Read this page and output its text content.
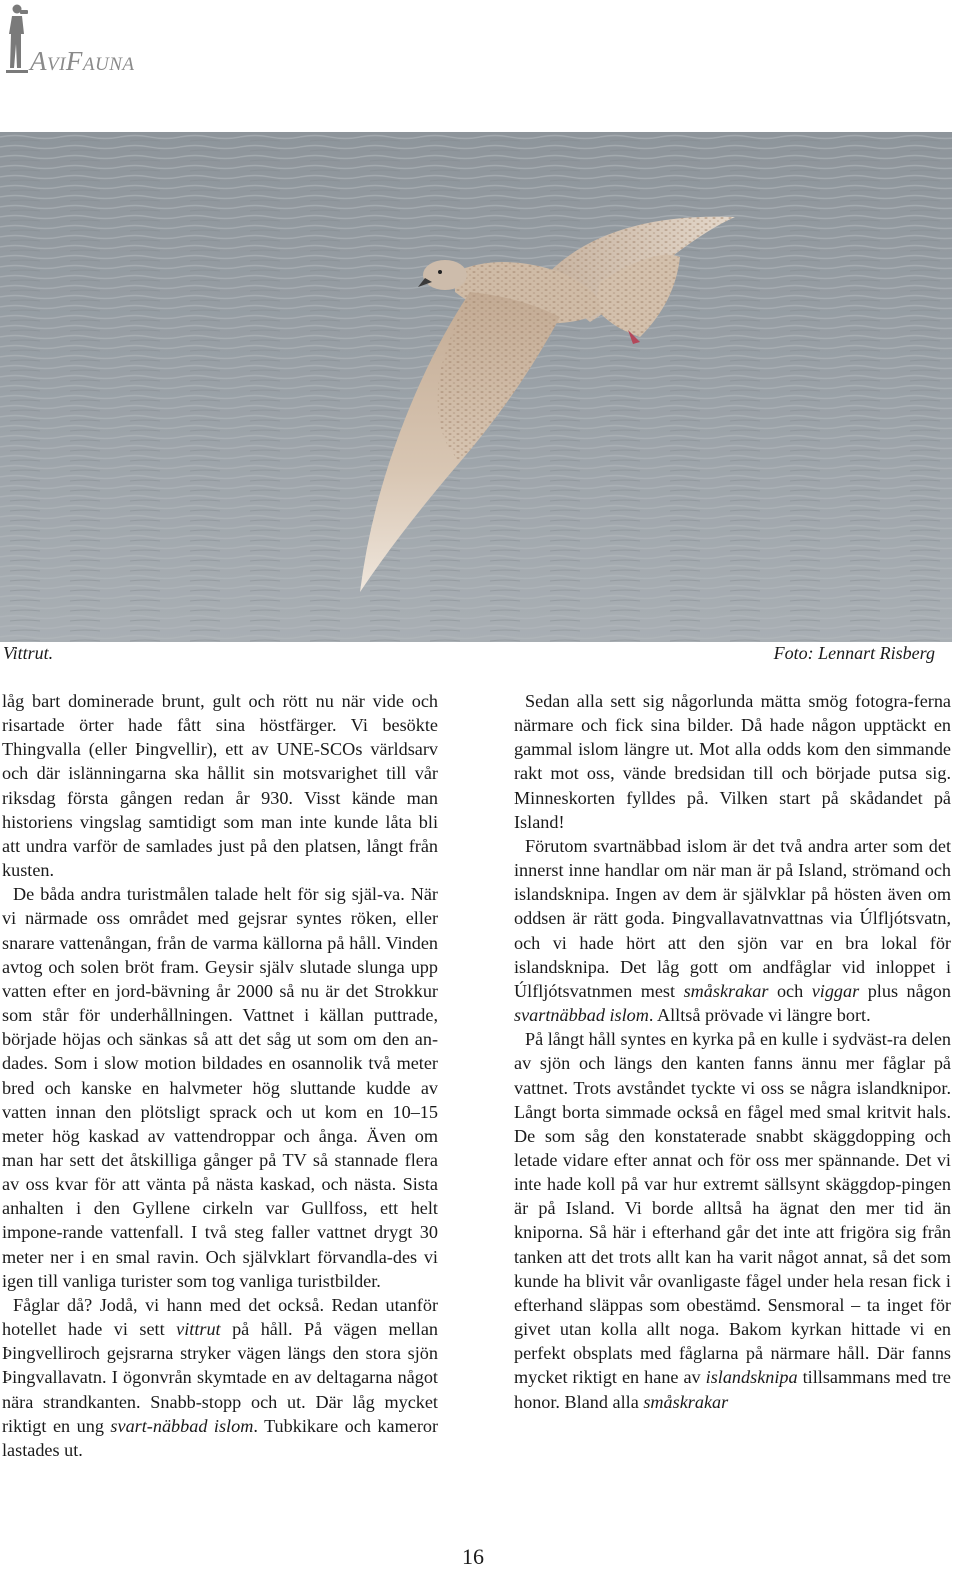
AviFauna
Vittrut.	Foto: Lennart Risberg

låg bart dominerade brunt, gult och rött nu när vide och risartade örter hade fått sina höstfärger. Vi besökte Thingvalla (eller Þingvellir), ett av UNE-SCOs världsarv och där islänningarna ska hållit sin motsvarighet till vår riksdag första gången redan år 930. Visst kände man historiens vingslag samtidigt som man inte kunde låta bli att undra varför de samlades just på den platsen, långt från kusten.

De båda andra turistmålen talade helt för sig själ-va. När vi närmade oss området med gejsrar syntes röken, eller snarare vattenångan, från de varma källorna på håll. Vinden avtog och solen bröt fram. Geysir själv slutade slunga upp vatten efter en jord-bävning år 2000 så nu är det Strokkur som står för underhållningen. Vattnet i källan puttrade, började höjas och sänkas så att det såg ut som om den an-dades. Som i slow motion bildades en osannolik två meter bred och kanske en halvmeter hög sluttande kudde av vatten innan den plötsligt sprack och ut kom en 10–15 meter hög kaskad av vattendroppar och ånga. Även om man har sett det åtskilliga gånger på TV så stannade flera av oss kvar för att vänta på nästa kaskad, och nästa. Sista anhalten i den Gyllene cirkeln var Gullfoss, ett helt impone-rande vattenfall. I två steg faller vattnet drygt 30 meter ner i en smal ravin. Och självklart förvandla-des vi igen till vanliga turister som tog vanliga turistbilder.

Fåglar då? Jodå, vi hann med det också. Redan utanför hotellet hade vi sett vittrut på håll. På vägen mellan Þingvelliroch gejsrarna stryker vägen längs den stora sjön Þingvallavatn. I ögonvrån skymtade en av deltagarna något nära strandkanten. Snabb-stopp och ut. Där låg mycket riktigt en ung svart-näbbad islom. Tubkikare och kameror lastades ut.

Sedan alla sett sig någorlunda mätta smög fotogra-ferna närmare och fick sina bilder. Då hade någon upptäckt en gammal islom längre ut. Mot alla odds kom den simmande rakt mot oss, vände bredsidan till och började putsa sig. Minneskorten fylldes på. Vilken start på skådandet på Island!

Förutom svartnäbbad islom är det två andra arter som det innerst inne handlar om när man är på Island, strömand och islandsknipa. Ingen av dem är självklar på hösten även om oddsen är rätt goda. Þingvallavatnvattnas via Úlfljótsvatn, och vi hade hört att den sjön var en bra lokal för islandsknipa. Det låg gott om andfåglar vid inloppet i Úlfljótsvatnmen mest småskrakar och viggar plus någon svartnäbbad islom. Alltså prövade vi längre bort.

På långt håll syntes en kyrka på en kulle i sydväst-ra delen av sjön och längs den kanten fanns ännu mer fåglar på vattnet. Trots avståndet tyckte vi oss se några islandknipor. Långt borta simmade också en fågel med smal kritvit hals. De som såg den konstaterade snabbt skäggdopping och letade vidare efter annat och för oss mer spännande. Det vi inte hade koll på var hur extremt sällsynt skäggdop-pingen är på Island. Vi borde alltså ha ägnat den mer tid än kniporna. Så här i efterhand går det inte att frigöra sig från tanken att det trots allt kan ha varit något annat, så det som kunde ha blivit vår ovanligaste fågel under hela resan fick i efterhand släppas som obestämd. Sensmoral – ta inget för givet utan kolla allt noga. Bakom kyrkan hittade vi en perfekt obsplats med fåglarna på närmare håll. Där fanns mycket riktigt en hane av islandsknipa tillsammans med tre honor. Bland alla småskrakar

16
